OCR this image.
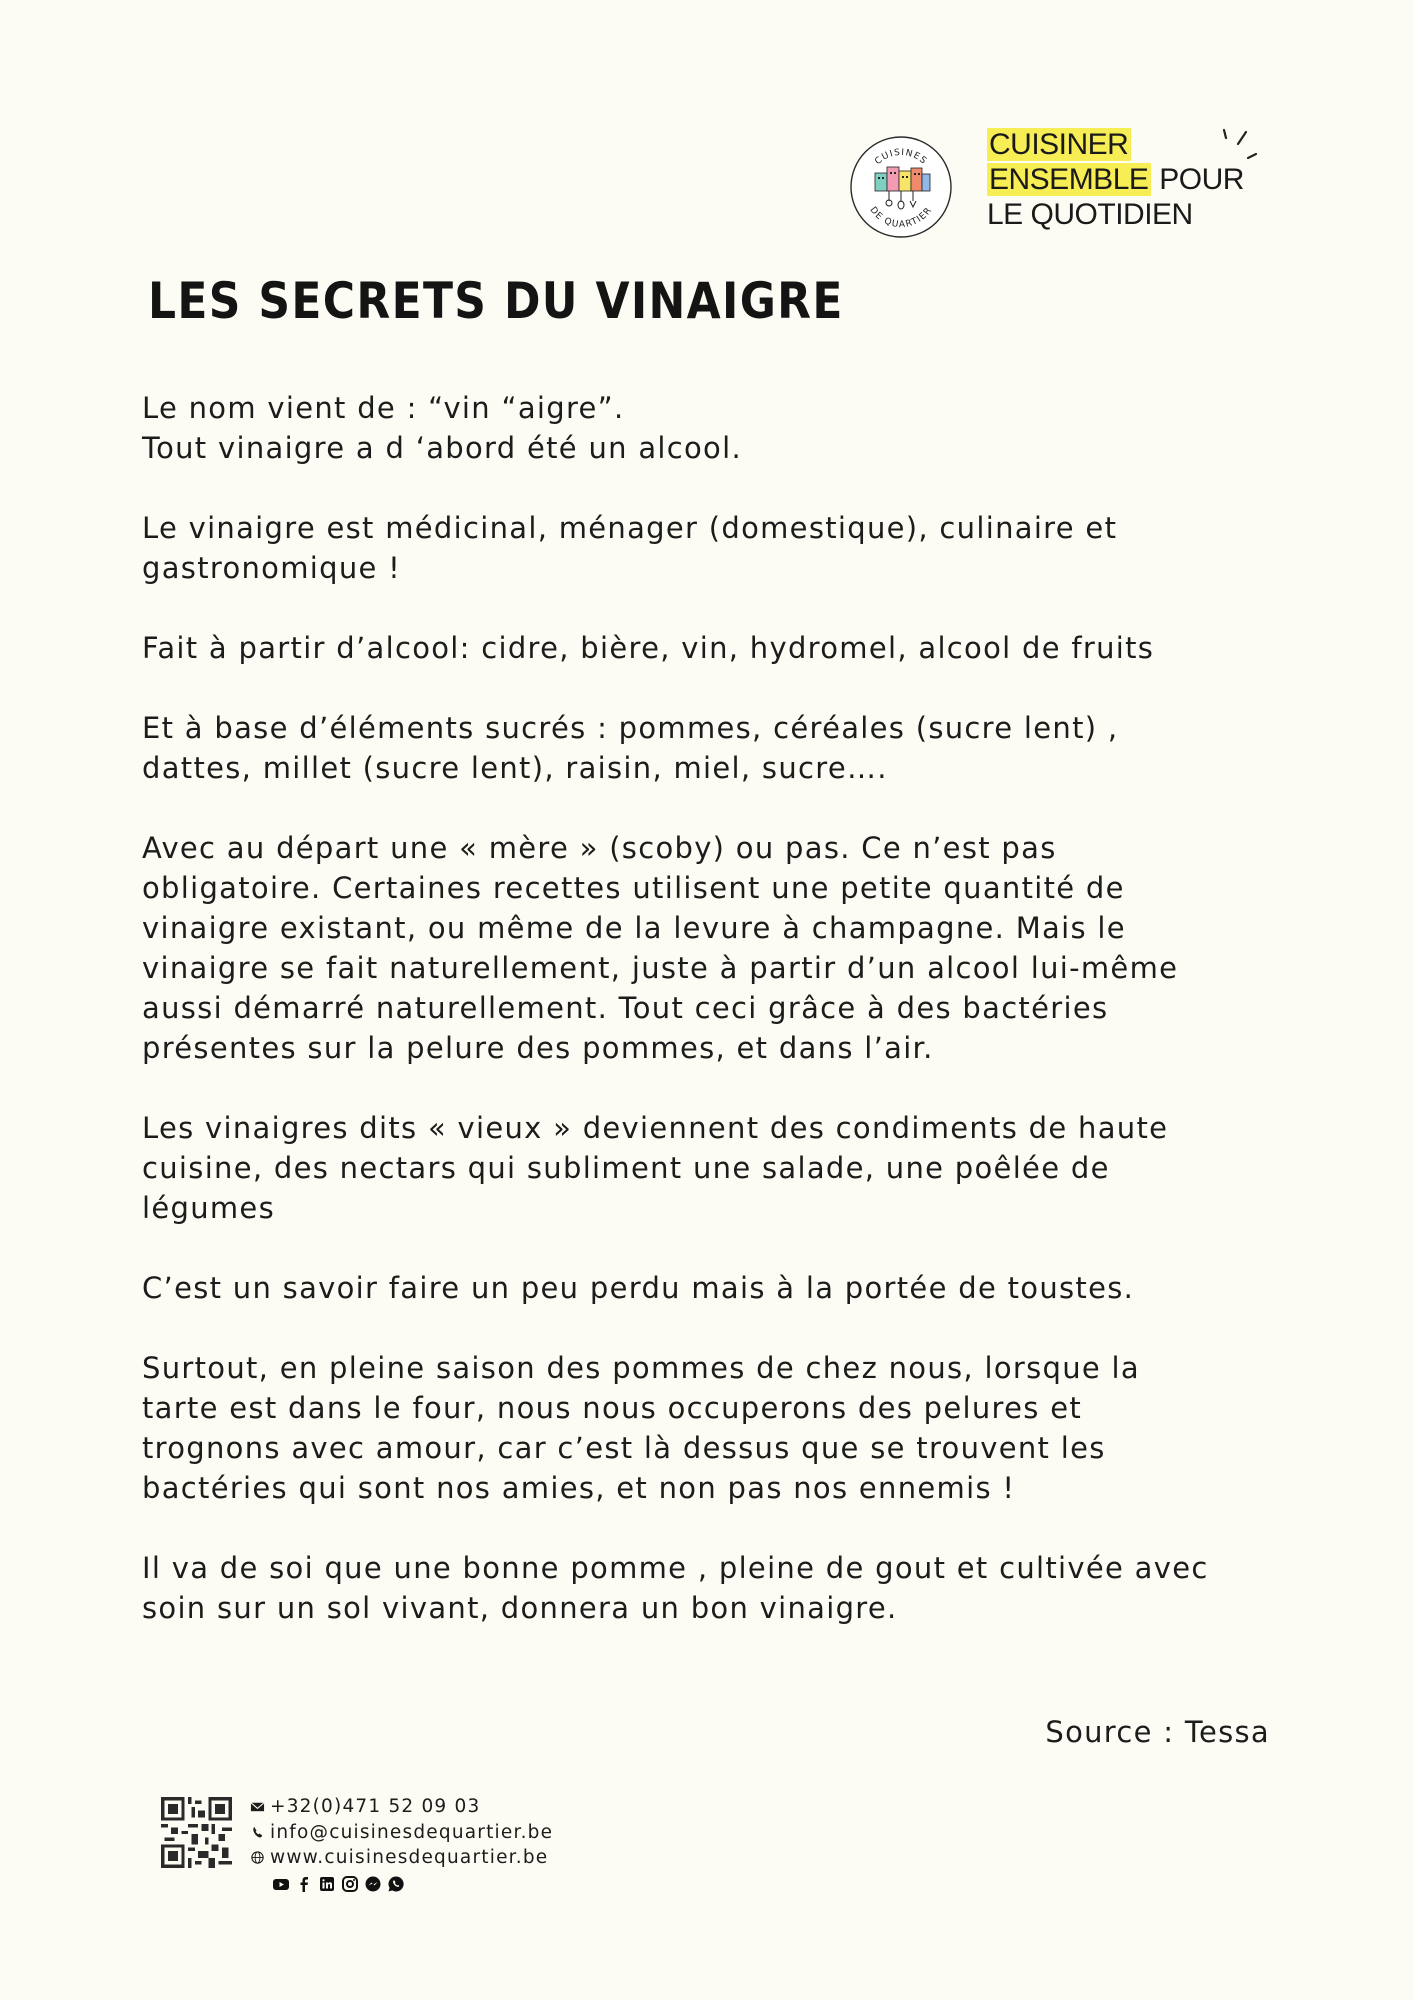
CUISINES
DE QUARTIER
CUISINER
ENSEMBLE POUR
LE QUOTIDIEN
LES SECRETS DU VINAIGRE

Le nom vient de : “vin “aigre”.
Tout vinaigre a d ‘abord été un alcool.

Le vinaigre est médicinal, ménager (domestique), culinaire et
gastronomique !

Fait à partir d’alcool: cidre, bière, vin, hydromel, alcool de fruits

Et à base d’éléments sucrés : pommes, céréales (sucre lent) ,
dattes, millet (sucre lent), raisin, miel, sucre….

Avec au départ une « mère » (scoby) ou pas. Ce n’est pas
obligatoire. Certaines recettes utilisent une petite quantité de
vinaigre existant, ou même de la levure à champagne. Mais le
vinaigre se fait naturellement, juste à partir d’un alcool lui-même
aussi démarré naturellement. Tout ceci grâce à des bactéries
présentes sur la pelure des pommes, et dans l’air.

Les vinaigres dits « vieux » deviennent des condiments de haute
cuisine, des nectars qui subliment une salade, une poêlée de
légumes

C’est un savoir faire un peu perdu mais à la portée de toustes.

Surtout, en pleine saison des pommes de chez nous, lorsque la
tarte est dans le four, nous nous occuperons des pelures et
trognons avec amour, car c’est là dessus que se trouvent les
bactéries qui sont nos amies, et non pas nos ennemis !

Il va de soi que une bonne pomme , pleine de gout et cultivée avec
soin sur un sol vivant, donnera un bon vinaigre.

Source : Tessa
+32(0)471 52 09 03
info@cuisinesdequartier.be
www.cuisinesdequartier.be
